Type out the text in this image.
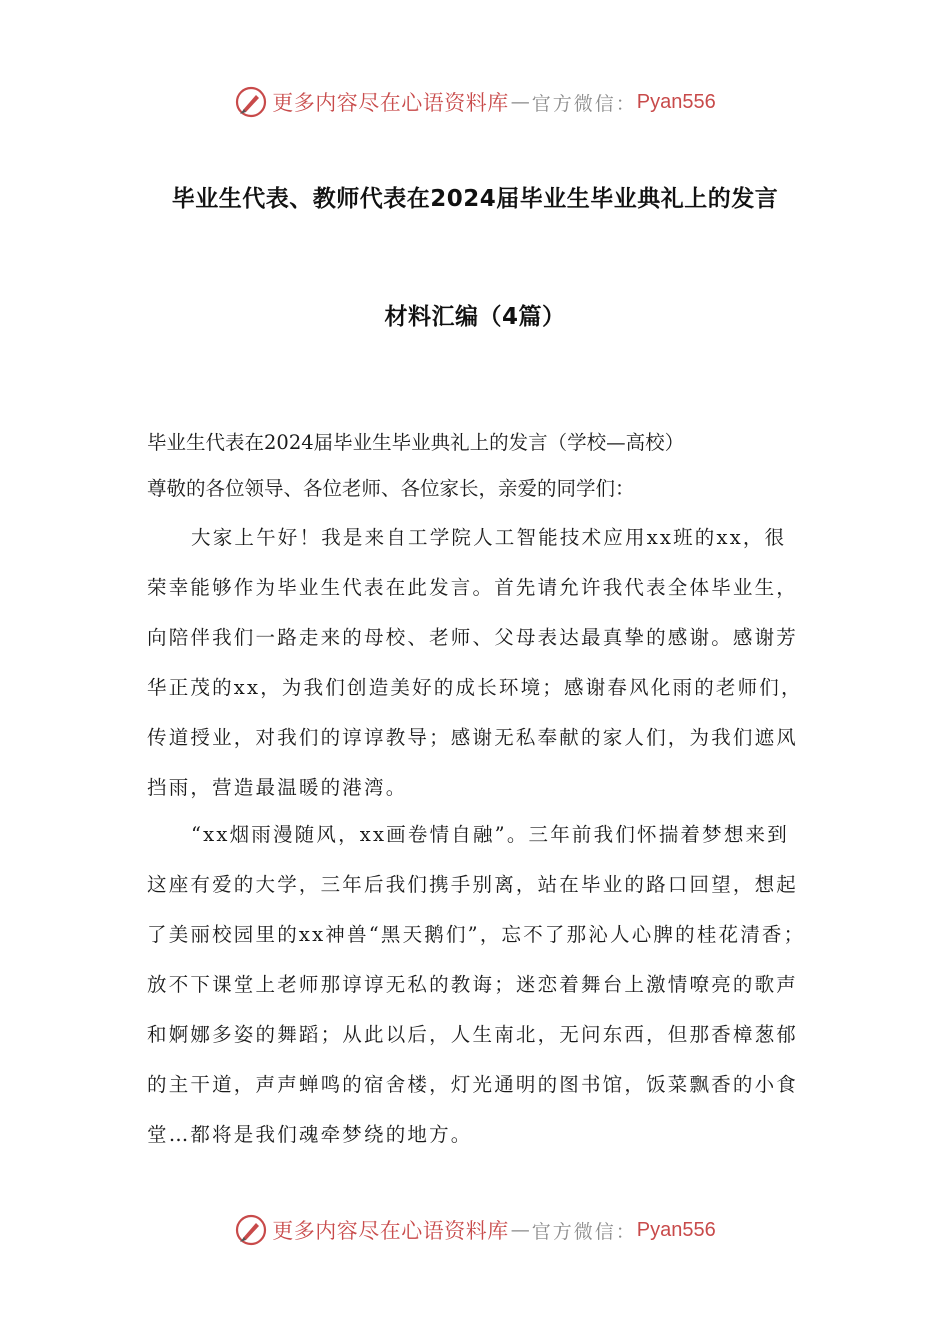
更多内容尽在心语资料库 — 官方微信： Pyan556
毕业生代表、教师代表在2024届毕业生毕业典礼上的发言
材料汇编（4篇）
毕业生代表在2024届毕业生毕业典礼上的发言（学校—高校）
尊敬的各位领导、各位老师、各位家长，亲爱的同学们：
大家上午好！我是来自工学院人工智能技术应用xx班的xx，很荣幸能够作为毕业生代表在此发言。首先请允许我代表全体毕业生，向陪伴我们一路走来的母校、老师、父母表达最真挚的感谢。感谢芳华正茂的xx，为我们创造美好的成长环境；感谢春风化雨的老师们，传道授业，对我们的谆谆教导；感谢无私奉献的家人们，为我们遮风挡雨，营造最温暖的港湾。
“xx烟雨漫随风，xx画卷情自融”。三年前我们怀揣着梦想来到这座有爱的大学，三年后我们携手别离，站在毕业的路口回望，想起了美丽校园里的xx神兽“黑天鹅们”，忘不了那沁人心脾的桂花清香；放不下课堂上老师那谆谆无私的教诲；迷恋着舞台上激情嘹亮的歌声和婀娜多姿的舞蹈；从此以后，人生南北，无问东西，但那香樟葱郁的主干道，声声蝉鸣的宿舍楼，灯光通明的图书馆，饭菜飘香的小食堂…都将是我们魂牵梦绕的地方。
更多内容尽在心语资料库 — 官方微信： Pyan556
